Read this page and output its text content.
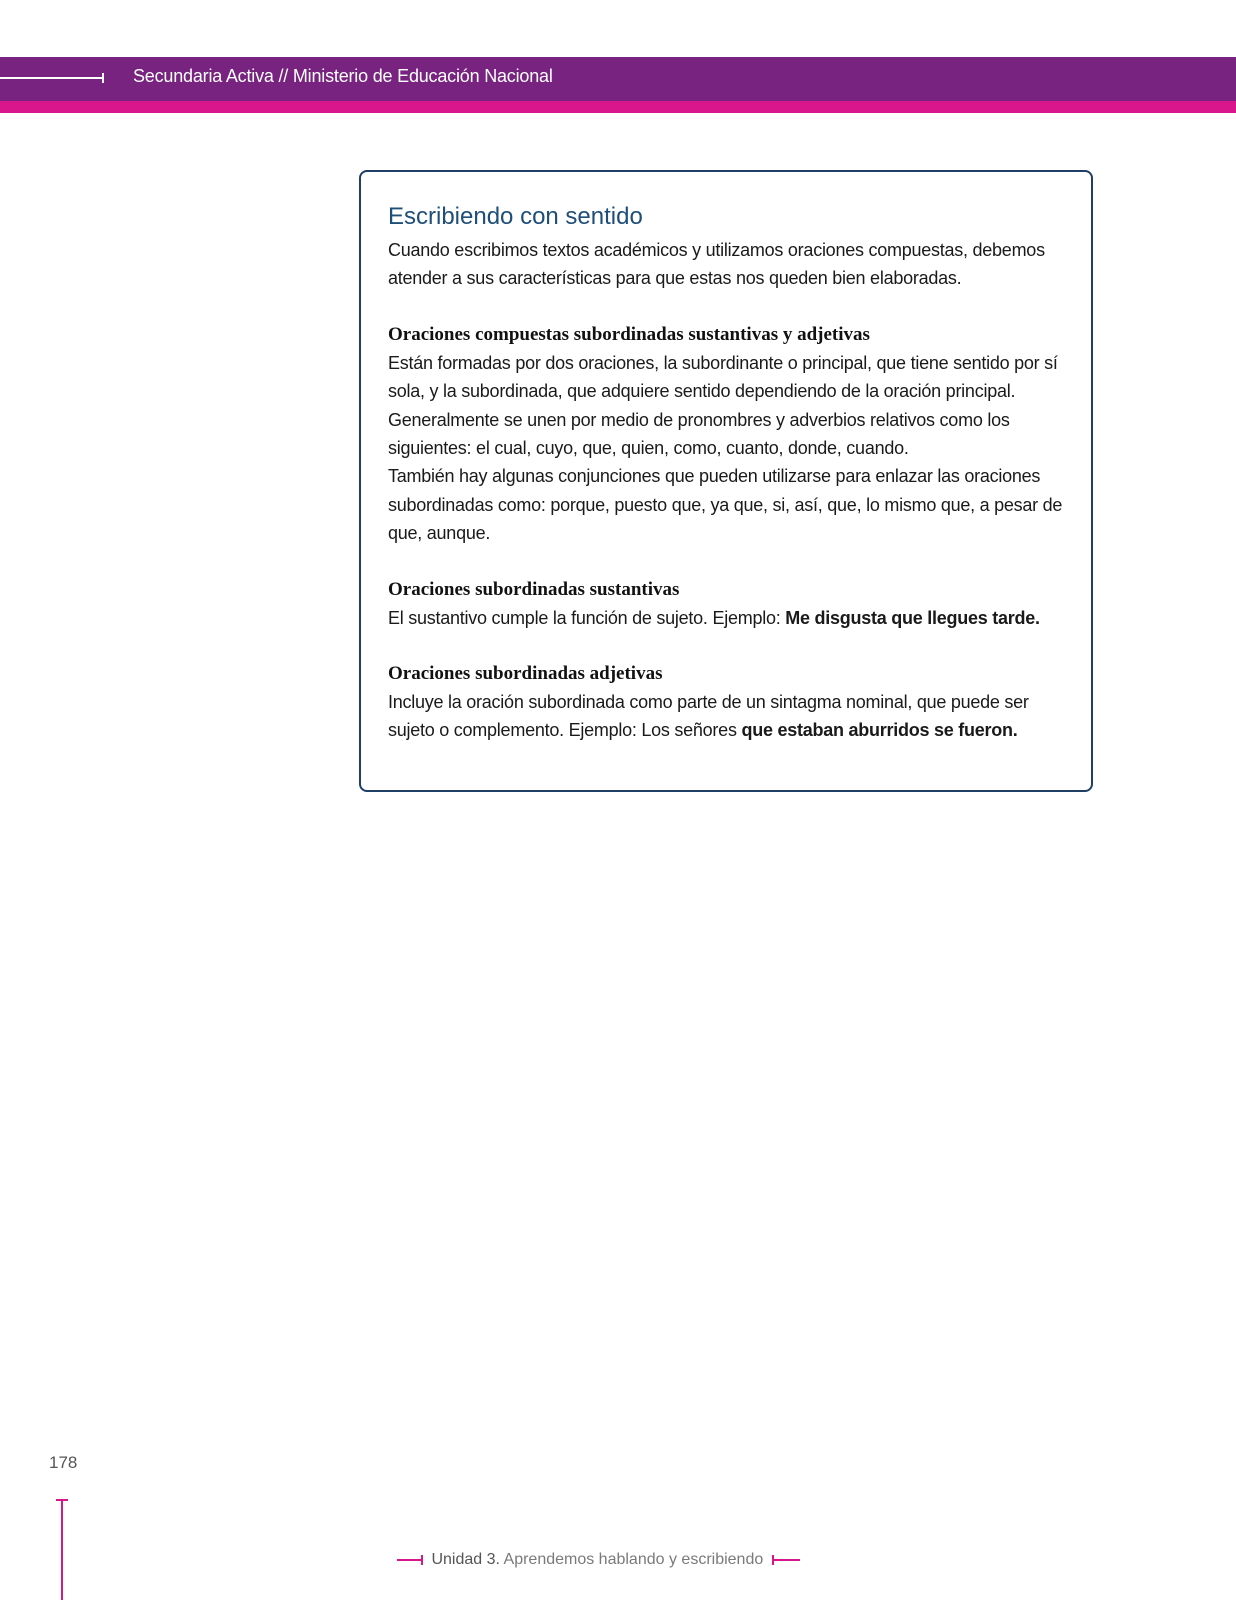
Secundaria Activa // Ministerio de Educación Nacional
Escribiendo con sentido

Cuando escribimos textos académicos y utilizamos oraciones compuestas, debemos atender a sus características para que estas nos queden bien elaboradas.

Oraciones compuestas subordinadas sustantivas y adjetivas

Están formadas por dos oraciones, la subordinante o principal, que tiene sentido por sí sola, y la subordinada, que adquiere sentido dependiendo de la oración principal. Generalmente se unen por medio de pronombres y adverbios relativos como los siguientes: el cual, cuyo, que, quien, como, cuanto, donde, cuando.

También hay algunas conjunciones que pueden utilizarse para enlazar las oraciones subordinadas como: porque, puesto que, ya que, si, así, que, lo mismo que, a pesar de que, aunque.

Oraciones subordinadas sustantivas

El sustantivo cumple la función de sujeto. Ejemplo: Me disgusta que llegues tarde.

Oraciones subordinadas adjetivas

Incluye la oración subordinada como parte de un sintagma nominal, que puede ser sujeto o complemento. Ejemplo: Los señores que estaban aburridos se fueron.

178
Unidad 3. Aprendemos hablando y escribiendo
